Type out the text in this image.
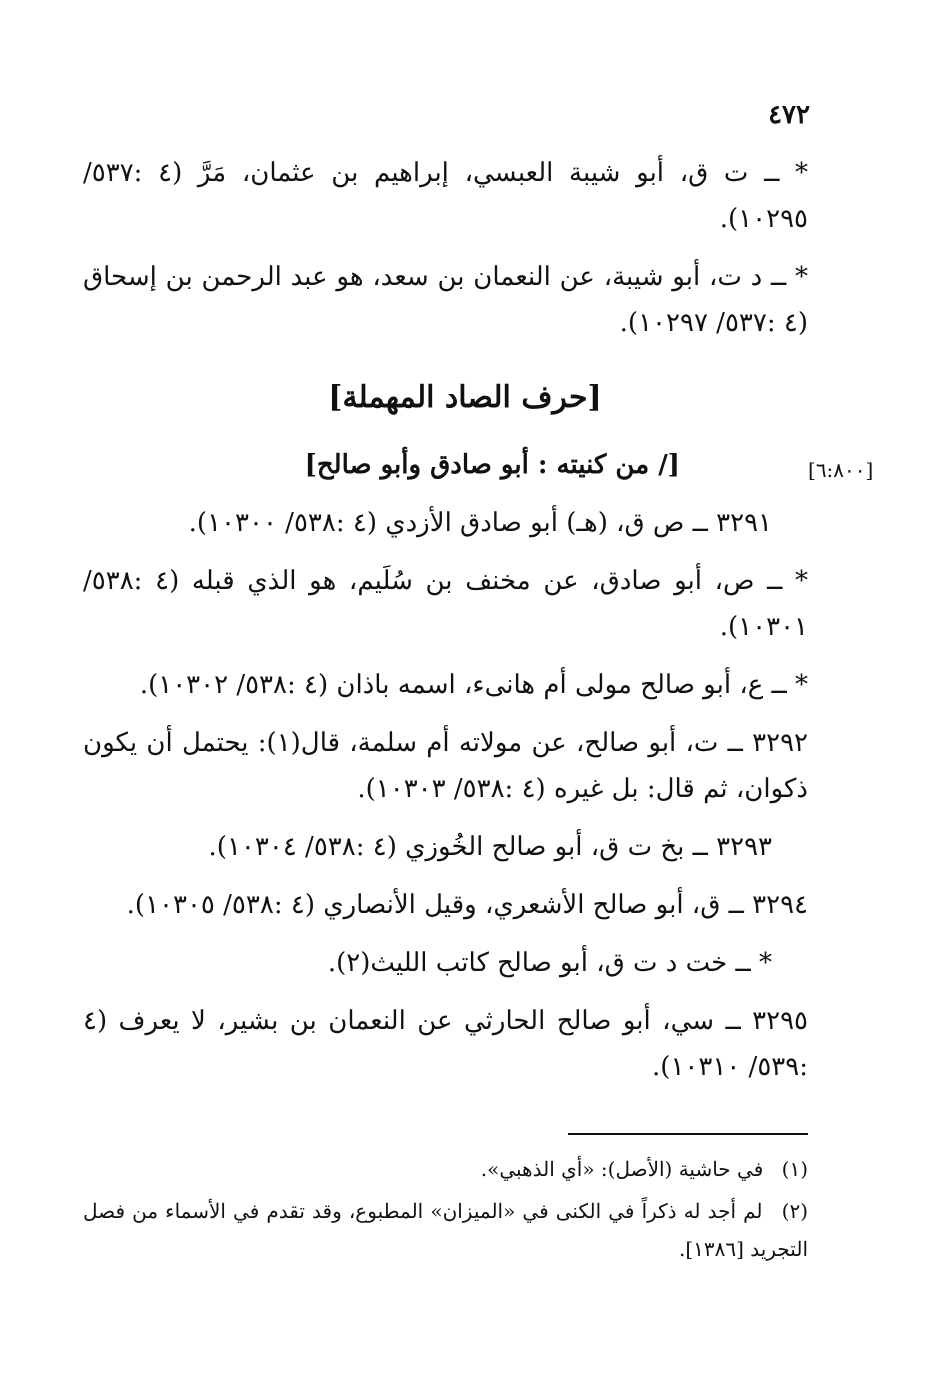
٤٧٢

* ــ ت ق، أبو شيبة العبسي، إبراهيم بن عثمان، مَرَّ (٤ :٥٣٧/ ١٠٢٩٥).

* ــ د ت، أبو شيبة، عن النعمان بن سعد، هو عبد الرحمن بن إسحاق (٤ :٥٣٧/ ١٠٢٩٧).

[حرف الصاد المهملة]
[٦:٨٠٠]
[/ من كنيته : أبو صادق وأبو صالح]

٣٢٩١ ــ ص ق، (هـ) أبو صادق الأزدي (٤ :٥٣٨/ ١٠٣٠٠).

* ــ ص، أبو صادق، عن مخنف بن سُلَيم، هو الذي قبله (٤ :٥٣٨/ ١٠٣٠١).

* ــ ع، أبو صالح مولى أم هانىء، اسمه باذان (٤ :٥٣٨/ ١٠٣٠٢).

٣٢٩٢ ــ ت، أبو صالح، عن مولاته أم سلمة، قال(١): يحتمل أن يكون ذكوان، ثم قال: بل غيره (٤ :٥٣٨/ ١٠٣٠٣).

٣٢٩٣ ــ بخ ت ق، أبو صالح الخُوزي (٤ :٥٣٨/ ١٠٣٠٤).

٣٢٩٤ ــ ق، أبو صالح الأشعري، وقيل الأنصاري (٤ :٥٣٨/ ١٠٣٠٥).

* ــ خت د ت ق، أبو صالح كاتب الليث(٢).

٣٢٩٥ ــ سي، أبو صالح الحارثي عن النعمان بن بشير، لا يعرف (٤ :٥٣٩/ ١٠٣١٠).

(١) في حاشية (الأصل): «أي الذهبي».

(٢) لم أجد له ذكراً في الكنى في «الميزان» المطبوع، وقد تقدم في الأسماء من فصل التجريد [١٣٨٦].
